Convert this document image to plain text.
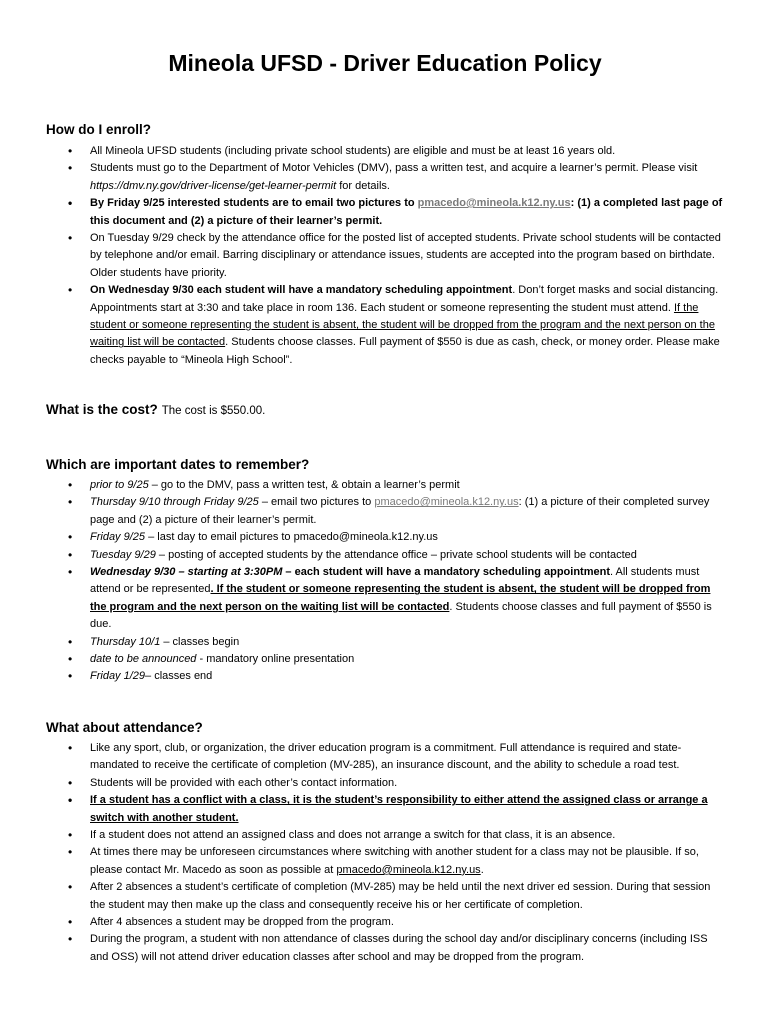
Mineola UFSD - Driver Education Policy
How do I enroll?
• All Mineola UFSD students (including private school students) are eligible and must be at least 16 years old.
• Students must go to the Department of Motor Vehicles (DMV), pass a written test, and acquire a learner’s permit. Please visit https://dmv.ny.gov/driver-license/get-learner-permit for details.
• By Friday 9/25 interested students are to email two pictures to pmacedo@mineola.k12.ny.us: (1) a completed last page of this document and (2) a picture of their learner’s permit.
• On Tuesday 9/29 check by the attendance office for the posted list of accepted students. Private school students will be contacted by telephone and/or email. Barring disciplinary or attendance issues, students are accepted into the program based on birthdate. Older students have priority.
• On Wednesday 9/30 each student will have a mandatory scheduling appointment. Don’t forget masks and social distancing. Appointments start at 3:30 and take place in room 136. Each student or someone representing the student must attend. If the student or someone representing the student is absent, the student will be dropped from the program and the next person on the waiting list will be contacted. Students choose classes. Full payment of $550 is due as cash, check, or money order. Please make checks payable to “Mineola High School”.
What is the cost? The cost is $550.00.
Which are important dates to remember?
• prior to 9/25 – go to the DMV, pass a written test, & obtain a learner’s permit
• Thursday 9/10 through Friday 9/25 – email two pictures to pmacedo@mineola.k12.ny.us: (1) a picture of their completed survey page and (2) a picture of their learner’s permit.
• Friday 9/25 – last day to email pictures to pmacedo@mineola.k12.ny.us
• Tuesday 9/29 – posting of accepted students by the attendance office – private school students will be contacted
• Wednesday 9/30 – starting at 3:30PM – each student will have a mandatory scheduling appointment. All students must attend or be represented. If the student or someone representing the student is absent, the student will be dropped from the program and the next person on the waiting list will be contacted. Students choose classes and full payment of $550 is due.
• Thursday 10/1 – classes begin
• date to be announced - mandatory online presentation
• Friday 1/29– classes end
What about attendance?
• Like any sport, club, or organization, the driver education program is a commitment. Full attendance is required and state-mandated to receive the certificate of completion (MV-285), an insurance discount, and the ability to schedule a road test.
• Students will be provided with each other’s contact information.
• If a student has a conflict with a class, it is the student’s responsibility to either attend the assigned class or arrange a switch with another student.
• If a student does not attend an assigned class and does not arrange a switch for that class, it is an absence.
• At times there may be unforeseen circumstances where switching with another student for a class may not be plausible. If so, please contact Mr. Macedo as soon as possible at pmacedo@mineola.k12.ny.us.
• After 2 absences a student’s certificate of completion (MV-285) may be held until the next driver ed session. During that session the student may then make up the class and consequently receive his or her certificate of completion.
• After 4 absences a student may be dropped from the program.
• During the program, a student with non attendance of classes during the school day and/or disciplinary concerns (including ISS and OSS) will not attend driver education classes after school and may be dropped from the program.
